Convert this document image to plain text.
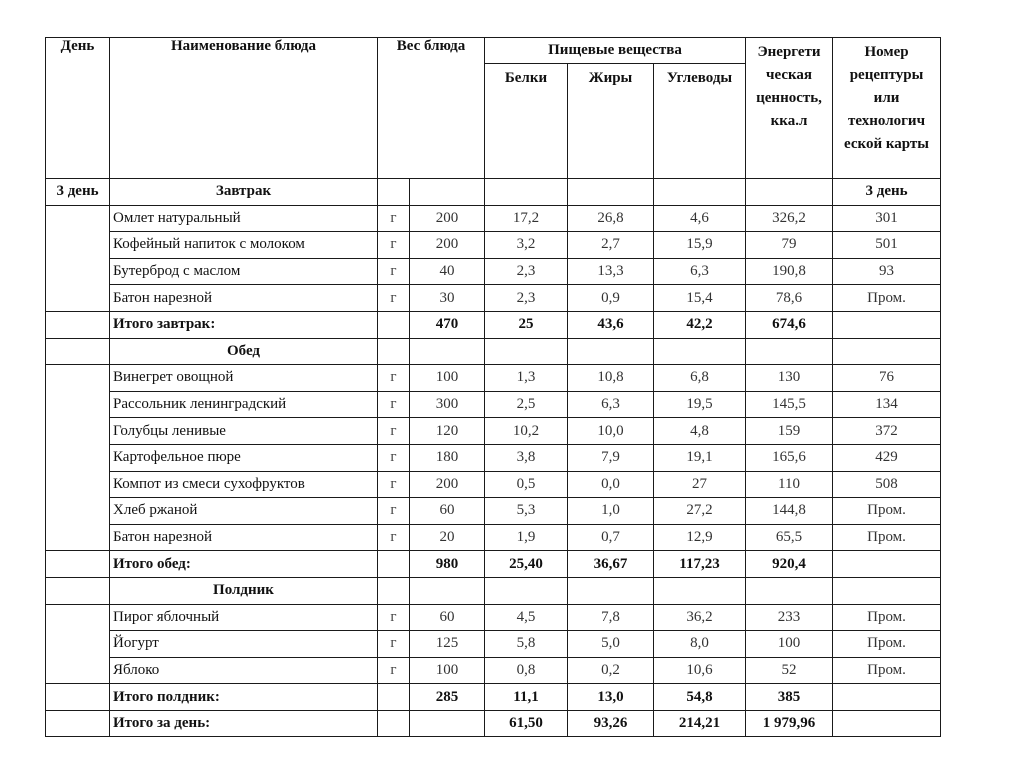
День	Наименование блюда	Вес блюда		Пищевые вещества			Энергети ческая ценность, кка.л	Номер рецептуры или технологич еской карты
				Белки	Жиры	Углеводы		
3 день	Завтрак							3 день
	Омлет натуральный	г	200	17,2	26,8	4,6	326,2	301
	Кофейный напиток с молоком	г	200	3,2	2,7	15,9	79	501
	Бутерброд с маслом	г	40	2,3	13,3	6,3	190,8	93
	Батон нарезной	г	30	2,3	0,9	15,4	78,6	Пром.
	Итого завтрак:		470	25	43,6	42,2	674,6	
	Обед							
	Винегрет овощной	г	100	1,3	10,8	6,8	130	76
	Рассольник ленинградский	г	300	2,5	6,3	19,5	145,5	134
	Голубцы ленивые	г	120	10,2	10,0	4,8	159	372
	Картофельное пюре	г	180	3,8	7,9	19,1	165,6	429
	Компот из смеси сухофруктов	г	200	0,5	0,0	27	110	508
	Хлеб ржаной	г	60	5,3	1,0	27,2	144,8	Пром.
	Батон нарезной	г	20	1,9	0,7	12,9	65,5	Пром.
	Итого обед:		980	25,40	36,67	117,23	920,4	
	Полдник							
	Пирог яблочный	г	60	4,5	7,8	36,2	233	Пром.
	Йогурт	г	125	5,8	5,0	8,0	100	Пром.
	Яблоко	г	100	0,8	0,2	10,6	52	Пром.
	Итого полдник:		285	11,1	13,0	54,8	385	
	Итого за день:			61,50	93,26	214,21	1 979,96	
